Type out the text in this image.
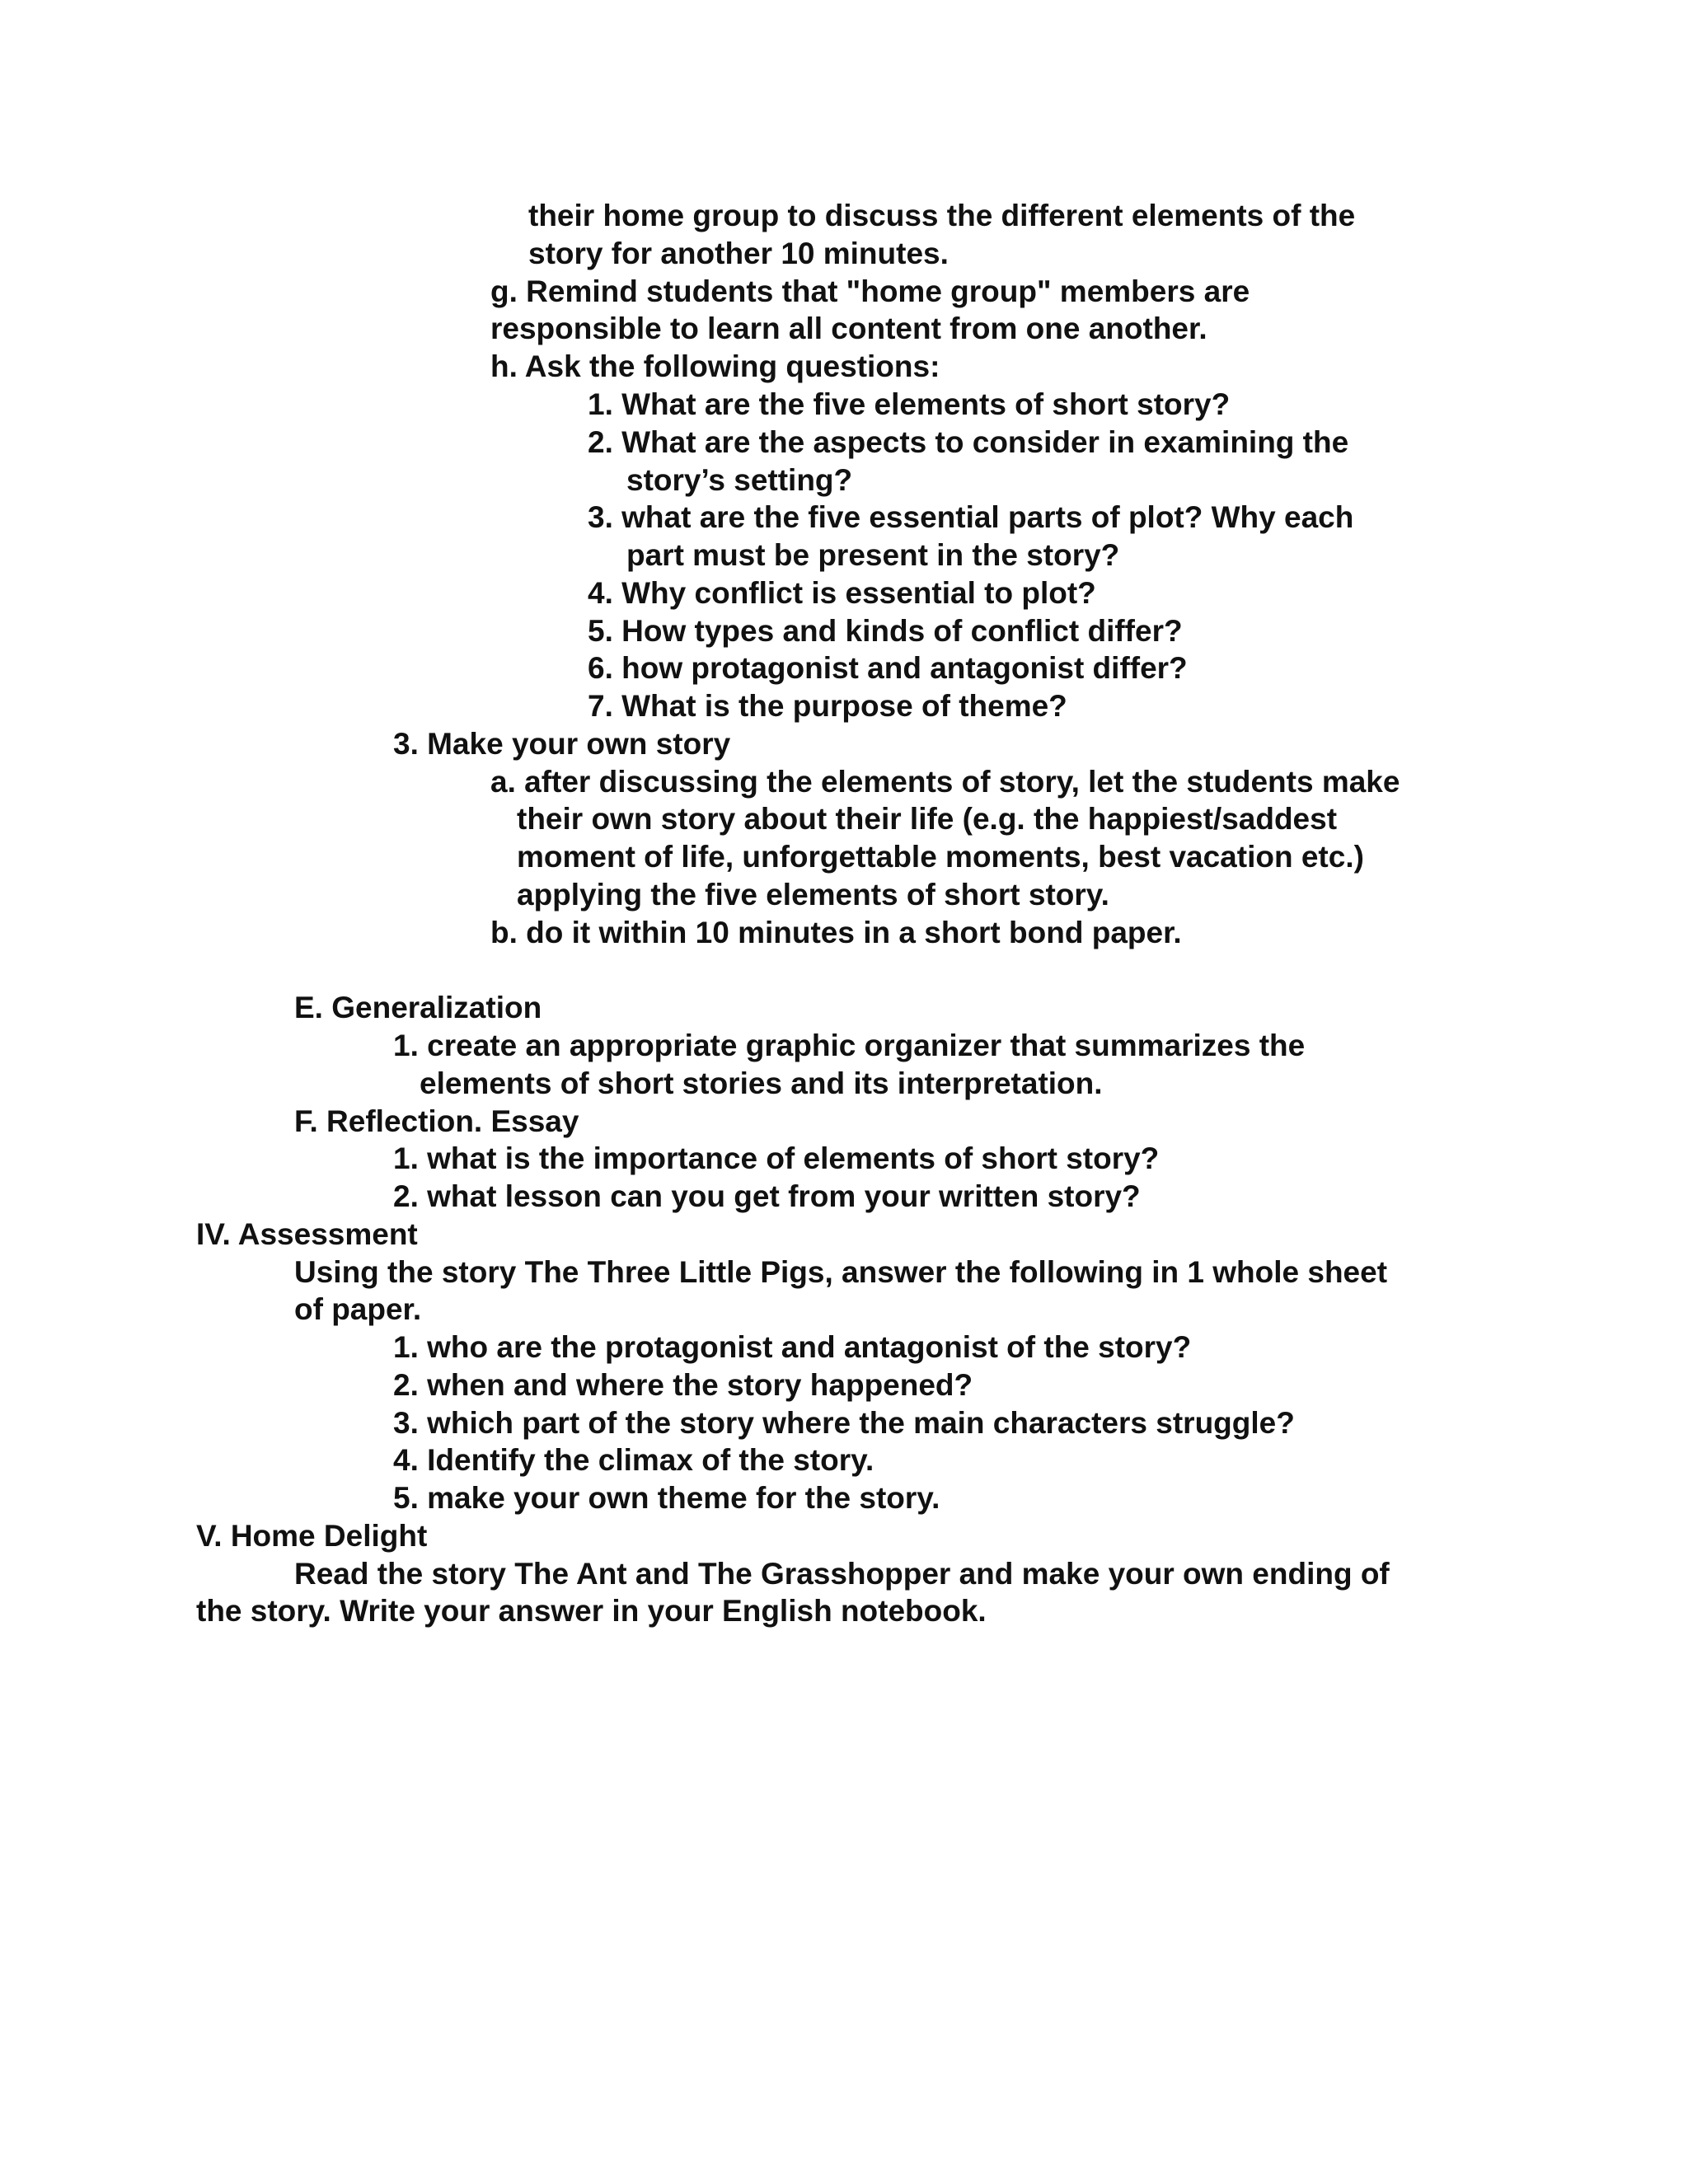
their home group to discuss the different elements of the
story for another 10 minutes.
g. Remind students that "home group" members are
responsible to learn all content from one another.
h. Ask the following questions:
1. What are the five elements of short story?
2. What are the aspects to consider in examining the
story’s setting?
3. what are the five essential parts of plot? Why each
part must be present in the story?
4. Why conflict is essential to plot?
5. How types and kinds of conflict differ?
6. how protagonist and antagonist differ?
7. What is the purpose of theme?
3. Make your own story
a. after discussing the elements of story, let the students make
their own story about their life (e.g. the happiest/saddest
moment of life, unforgettable moments, best vacation etc.)
applying the five elements of short story.
b. do it within 10 minutes in a short bond paper.
E. Generalization
1. create an appropriate graphic organizer that summarizes the
elements of short stories and its interpretation.
F. Reflection. Essay
1. what is the importance of elements of short story?
2. what lesson can you get from your written story?
IV. Assessment
Using the story The Three Little Pigs, answer the following in 1 whole sheet
of paper.
1. who are the protagonist and antagonist of the story?
2. when and where the story happened?
3. which part of the story where the main characters struggle?
4. Identify the climax of the story.
5. make your own theme for the story.
V. Home Delight
Read the story The Ant and The Grasshopper and make your own ending of
the story. Write your answer in your English notebook.
